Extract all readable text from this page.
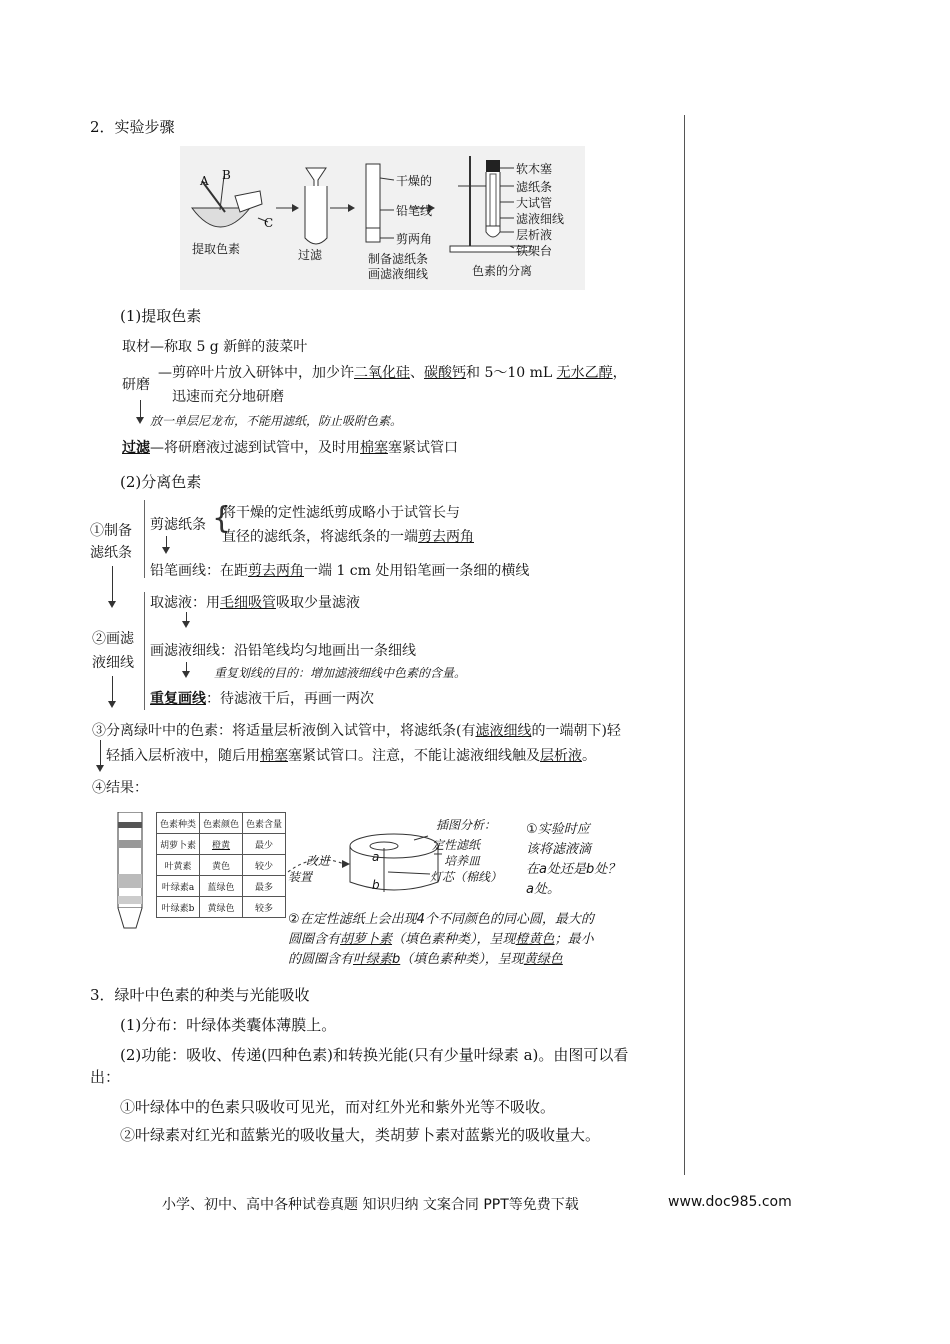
2．实验步骤
A B
C
提取色素	过滤	制备滤纸条
画滤液细线	色素的分离
干燥的
铅笔线
剪两角
软木塞
滤纸条
大试管
滤液细线
层析液
铁架台
(1)提取色素
取材—称取 5 g 新鲜的菠菜叶
研磨
—剪碎叶片放入研钵中，加少许二氧化硅、碳酸钙和 5～10 mL 无水乙醇，
迅速而充分地研磨
放一单层尼龙布，不能用滤纸，防止吸附色素。
过滤—将研磨液过滤到试管中，及时用棉塞塞紧试管口
(2)分离色素
①制备
滤纸条
剪滤纸条 {
将干燥的定性滤纸剪成略小于试管长与
直径的滤纸条，将滤纸条的一端剪去两角
铅笔画线：在距剪去两角一端 1 cm 处用铅笔画一条细的横线
②画滤
液细线
取滤液：用毛细吸管吸取少量滤液
画滤液细线：沿铅笔线均匀地画出一条细线
重复划线的目的：增加滤液细线中色素的含量。
重复画线：待滤液干后，再画一两次
③分离绿叶中的色素：将适量层析液倒入试管中，将滤纸条(有滤液细线的一端朝下)轻
轻插入层析液中，随后用棉塞塞紧试管口。注意，不能让滤液细线触及层析液。
④结果：
色素种类	色素颜色	色素含量
胡萝卜素	橙黄	最少
叶黄素	黄色	较少
叶绿素a	蓝绿色	最多
叶绿素b	黄绿色	较多
改进
装置
插图分析：
定性滤纸
培养皿
灯芯（棉线）
a
b
①实验时应
该将滤液滴
在a处还是b处？
a处。
②在定性滤纸上会出现4个不同颜色的同心圆，最大的
圆圈含有胡萝卜素（填色素种类），呈现橙黄色；最小
的圆圈含有叶绿素b（填色素种类），呈现黄绿色
3．绿叶中色素的种类与光能吸收
(1)分布：叶绿体类囊体薄膜上。
(2)功能：吸收、传递(四种色素)和转换光能(只有少量叶绿素 a)。由图可以看
出：
①叶绿体中的色素只吸收可见光，而对红外光和紫外光等不吸收。
②叶绿素对红光和蓝紫光的吸收量大，类胡萝卜素对蓝紫光的吸收量大。
小学、初中、高中各种试卷真题 知识归纳 文案合同 PPT等免费下载	www.doc985.com
